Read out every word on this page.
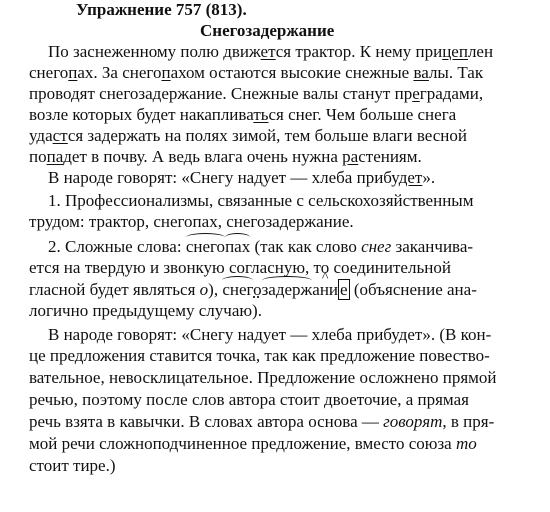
Упражнение 757 (813).
Снегозадержание
По заснеженному полю движется трактор. К нему прицеплен
снегопах. За снегопахом остаются высокие снежные валы. Так
проводят снегозадержание. Снежные валы станут преградами,
возле которых будет накапливаться снег. Чем больше снега
удастся задержать на полях зимой, тем больше влаги весной
попадет в почву. А ведь влага очень нужна растениям.
В народе говорят: «Снегу надует — хлеба прибудет».
1. Профессионализмы, связанные с сельскохозяйственным
трудом: трактор, снегопах, снегозадержание.
2. Сложные слова: снегопах (так как слово снег заканчива-
ется на твердую и звонкую согласную, то соединительной
гласной будет являться о), снегозадерж^ ани е (объяснение ана-
логично предыдущему случаю).
В народе говорят: «Снегу надует — хлеба прибудет». (В кон-
це предложения ставится точка, так как предложение повество-
вательное, невосклицательное. Предложение осложнено прямой
речью, поэтому после слов автора стоит двоеточие, а прямая
речь взята в кавычки. В словах автора основа — говорят, в пря-
мой речи сложноподчиненное предложение, вместо союза то
стоит тире.)
